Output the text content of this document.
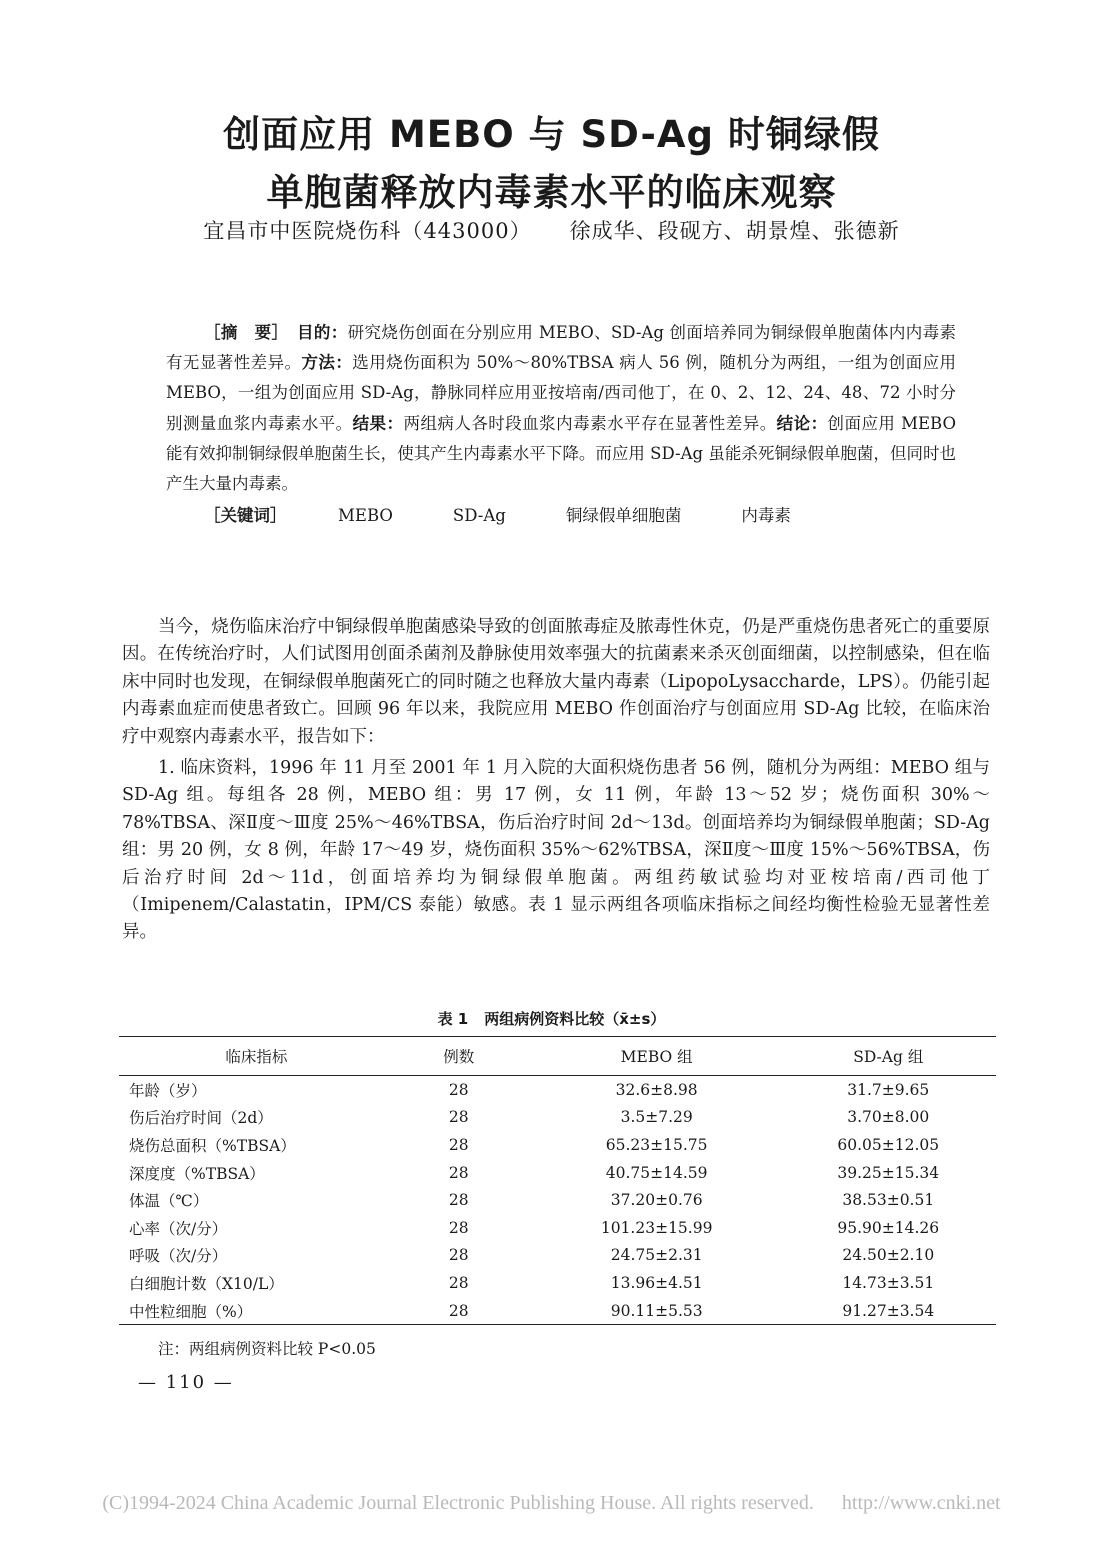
创面应用 MEBO 与 SD-Ag 时铜绿假
单胞菌释放内毒素水平的临床观察
宜昌市中医院烧伤科（443000） 徐成华、段砚方、胡景煌、张德新

［摘　要］　 目的：研究烧伤创面在分别应用 MEBO、SD-Ag 创面培养同为铜绿假单胞菌体内内毒素有无显著性差异。方法：选用烧伤面积为 50%～80%TBSA 病人 56 例，随机分为两组，一组为创面应用 MEBO，一组为创面应用 SD-Ag，静脉同样应用亚按培南/西司他丁，在 0、2、12、24、48、72 小时分别测量血浆内毒素水平。结果：两组病人各时段血浆内毒素水平存在显著性差异。结论：创面应用 MEBO 能有效抑制铜绿假单胞菌生长，使其产生内毒素水平下降。而应用 SD-Ag 虽能杀死铜绿假单胞菌，但同时也产生大量内毒素。

［关键词］　	MEBO	SD-Ag	铜绿假单细胞菌	内毒素

当今，烧伤临床治疗中铜绿假单胞菌感染导致的创面脓毒症及脓毒性休克，仍是严重烧伤患者死亡的重要原因。在传统治疗时，人们试图用创面杀菌剂及静脉使用效率强大的抗菌素来杀灭创面细菌，以控制感染，但在临床中同时也发现，在铜绿假单胞菌死亡的同时随之也释放大量内毒素（LipopoLysaccharde，LPS）。仍能引起内毒素血症而使患者致亡。回顾 96 年以来，我院应用 MEBO 作创面治疗与创面应用 SD-Ag 比较，在临床治疗中观察内毒素水平，报告如下：

1. 临床资料，1996 年 11 月至 2001 年 1 月入院的大面积烧伤患者 56 例，随机分为两组：MEBO 组与 SD-Ag 组。每组各 28 例，MEBO 组：男 17 例，女 11 例，年龄 13～52 岁；烧伤面积 30%～78%TBSA、深Ⅱ度～Ⅲ度 25%～46%TBSA，伤后治疗时间 2d～13d。创面培养均为铜绿假单胞菌；SD-Ag 组：男 20 例，女 8 例，年龄 17～49 岁，烧伤面积 35%～62%TBSA，深Ⅱ度～Ⅲ度 15%～56%TBSA，伤后治疗时间 2d～11d，创面培养均为铜绿假单胞菌。两组药敏试验均对亚桉培南/西司他丁（Imipenem/Calastatin，IPM/CS 泰能）敏感。表 1 显示两组各项临床指标之间经均衡性检验无显著性差异。

表 1 两组病例资料比较（x̄±s）
临床指标	例数	MEBO 组	SD-Ag 组
年龄（岁）	28	32.6±8.98	31.7±9.65
伤后治疗时间（2d）	28	3.5±7.29	3.70±8.00
烧伤总面积（%TBSA）	28	65.23±15.75	60.05±12.05
深度度（%TBSA）	28	40.75±14.59	39.25±15.34
体温（℃）	28	37.20±0.76	38.53±0.51
心率（次/分）	28	101.23±15.99	95.90±14.26
呼吸（次/分）	28	24.75±2.31	24.50±2.10
白细胞计数（X10/L）	28	13.96±4.51	14.73±3.51
中性粒细胞（%）	28	90.11±5.53	91.27±3.54
注：两组病例资料比较 P<0.05
— 110 —
(C)1994-2024 China Academic Journal Electronic Publishing House. All rights reserved. http://www.cnki.net
